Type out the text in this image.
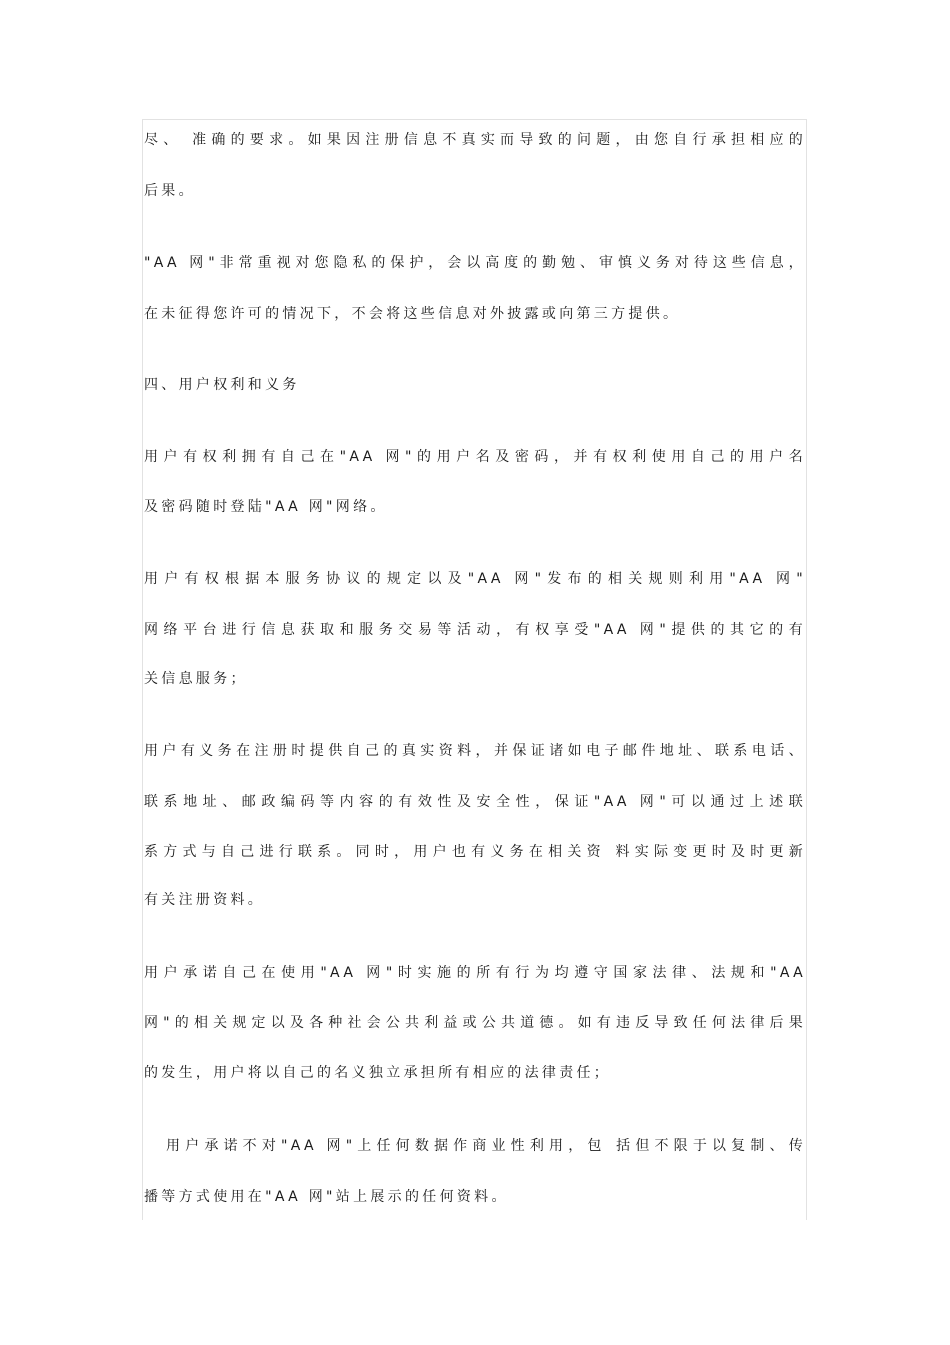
尽、 准确的要求。如果因注册信息不真实而导致的问题，由您自行承担相应的
后果。
"AA 网"非常重视对您隐私的保护，会以高度的勤勉、审慎义务对待这些信息，
在未征得您许可的情况下，不会将这些信息对外披露或向第三方提供。
四、用户权利和义务
用户有权利拥有自己在"AA 网"的用户名及密码，并有权利使用自己的用户名
及密码随时登陆"AA 网"网络。
用户有权根据本服务协议的规定以及"AA 网"发布的相关规则利用"AA 网"
网络平台进行信息获取和服务交易等活动，有权享受"AA 网"提供的其它的有
关信息服务；
用户有义务在注册时提供自己的真实资料，并保证诸如电子邮件地址、联系电话、
联系地址、邮政编码等内容的有效性及安全性，保证"AA 网"可以通过上述联
系方式与自己进行联系。同时，用户也有义务在相关资 料实际变更时及时更新
有关注册资料。
用户承诺自己在使用"AA 网"时实施的所有行为均遵守国家法律、法规和"AA
网"的相关规定以及各种社会公共利益或公共道德。如有违反导致任何法律后果
的发生，用户将以自己的名义独立承担所有相应的法律责任；
用户承诺不对"AA 网"上任何数据作商业性利用，包 括但不限于以复制、传
播等方式使用在"AA 网"站上展示的任何资料。
